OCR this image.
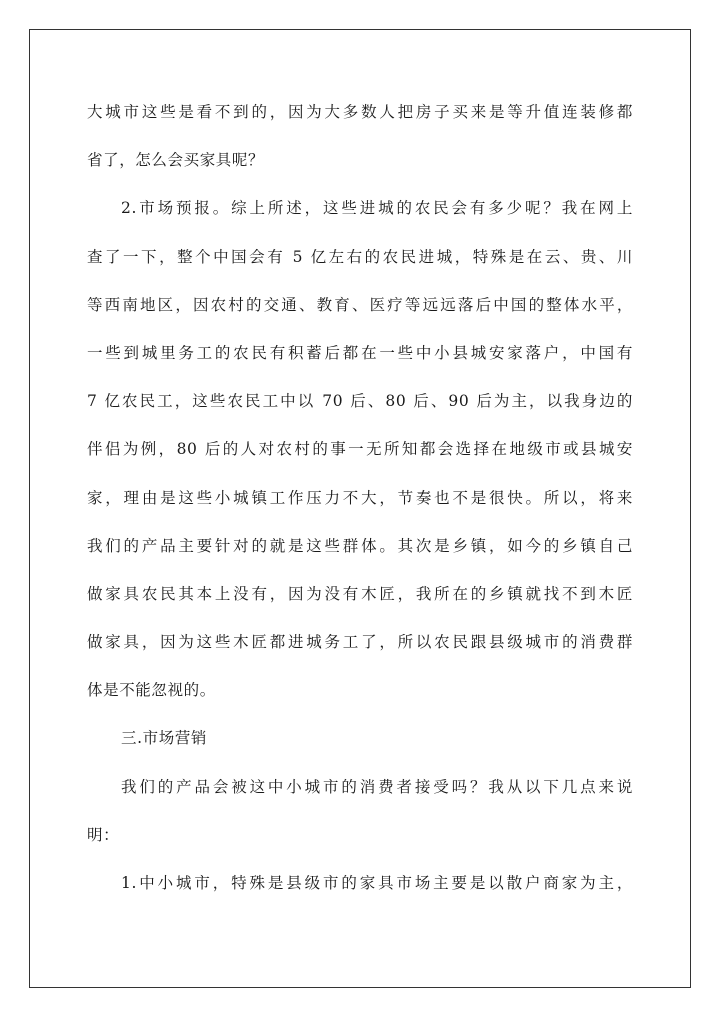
大城市这些是看不到的，因为大多数人把房子买来是等升值连装修都
省了，怎么会买家具呢？
2.市场预报。综上所述，这些进城的农民会有多少呢？我在网上
查了一下，整个中国会有 5 亿左右的农民进城，特殊是在云、贵、川
等西南地区，因农村的交通、教育、医疗等远远落后中国的整体水平，
一些到城里务工的农民有积蓄后都在一些中小县城安家落户，中国有
7 亿农民工，这些农民工中以 70 后、80 后、90 后为主，以我身边的
伴侣为例，80 后的人对农村的事一无所知都会选择在地级市或县城安
家，理由是这些小城镇工作压力不大，节奏也不是很快。所以，将来
我们的产品主要针对的就是这些群体。其次是乡镇，如今的乡镇自己
做家具农民其本上没有，因为没有木匠，我所在的乡镇就找不到木匠
做家具，因为这些木匠都进城务工了，所以农民跟县级城市的消费群
体是不能忽视的。
三.市场营销
我们的产品会被这中小城市的消费者接受吗？我从以下几点来说
明：
1.中小城市，特殊是县级市的家具市场主要是以散户商家为主，
